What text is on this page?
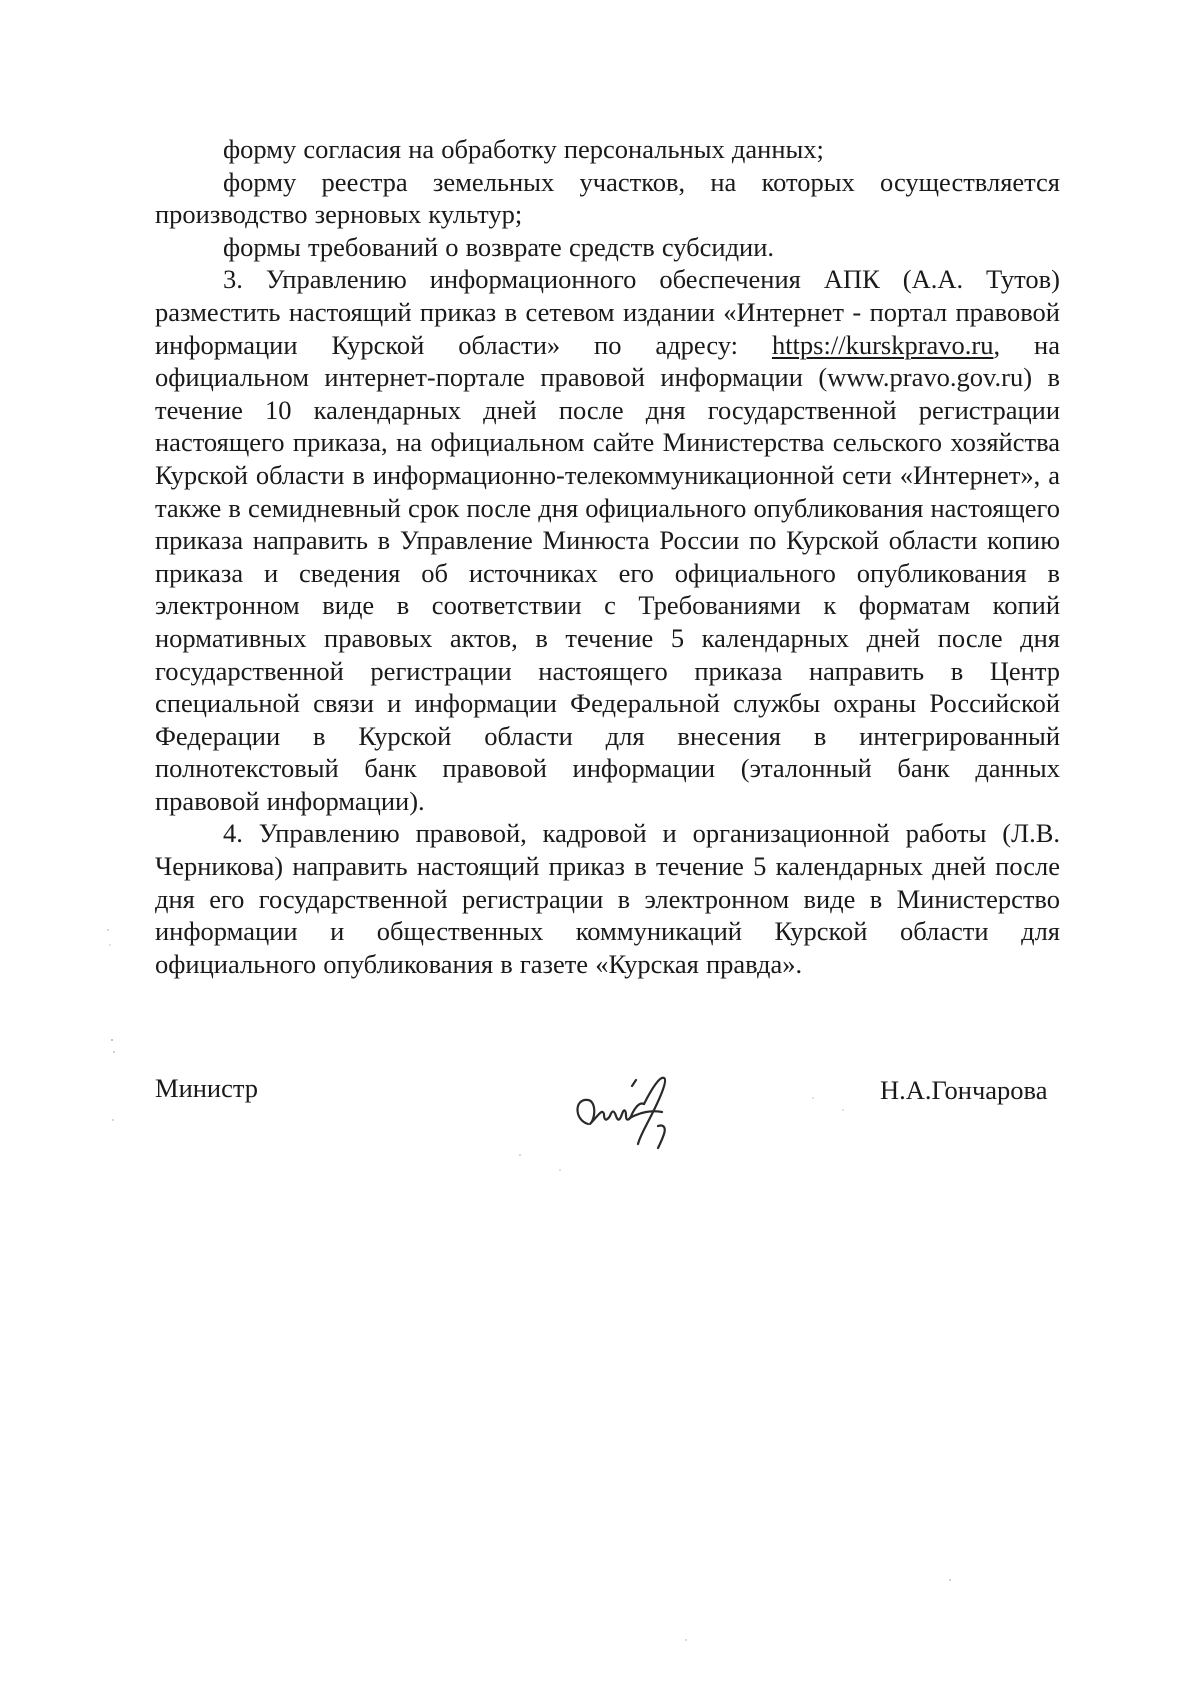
форму согласия на обработку персональных данных;

форму реестра земельных участков, на которых осуществляется производство зерновых культур;

формы требований о возврате средств субсидии.

3. Управлению информационного обеспечения АПК (А.А. Тутов) разместить настоящий приказ в сетевом издании «Интернет - портал правовой информации Курской области» по адресу: https://kurskpravo.ru, на официальном интернет-портале правовой информации (www.pravo.gov.ru) в течение 10 календарных дней после дня государственной регистрации настоящего приказа, на официальном сайте Министерства сельского хозяйства Курской области в информационно-телекоммуникационной сети «Интернет», а также в семидневный срок после дня официального опубликования настоящего приказа направить в Управление Минюста России по Курской области копию приказа и сведения об источниках его официального опубликования в электронном виде в соответствии с Требованиями к форматам копий нормативных правовых актов, в течение 5 календарных дней после дня государственной регистрации настоящего приказа направить в Центр специальной связи и информации Федеральной службы охраны Российской Федерации в Курской области для внесения в интегрированный полнотекстовый банк правовой информации (эталонный банк данных правовой информации).

4. Управлению правовой, кадровой и организационной работы (Л.В. Черникова) направить настоящий приказ в течение 5 календарных дней после дня его государственной регистрации в электронном виде в Министерство информации и общественных коммуникаций Курской области для официального опубликования в газете «Курская правда».

Министр	Н.А.Гончарова
